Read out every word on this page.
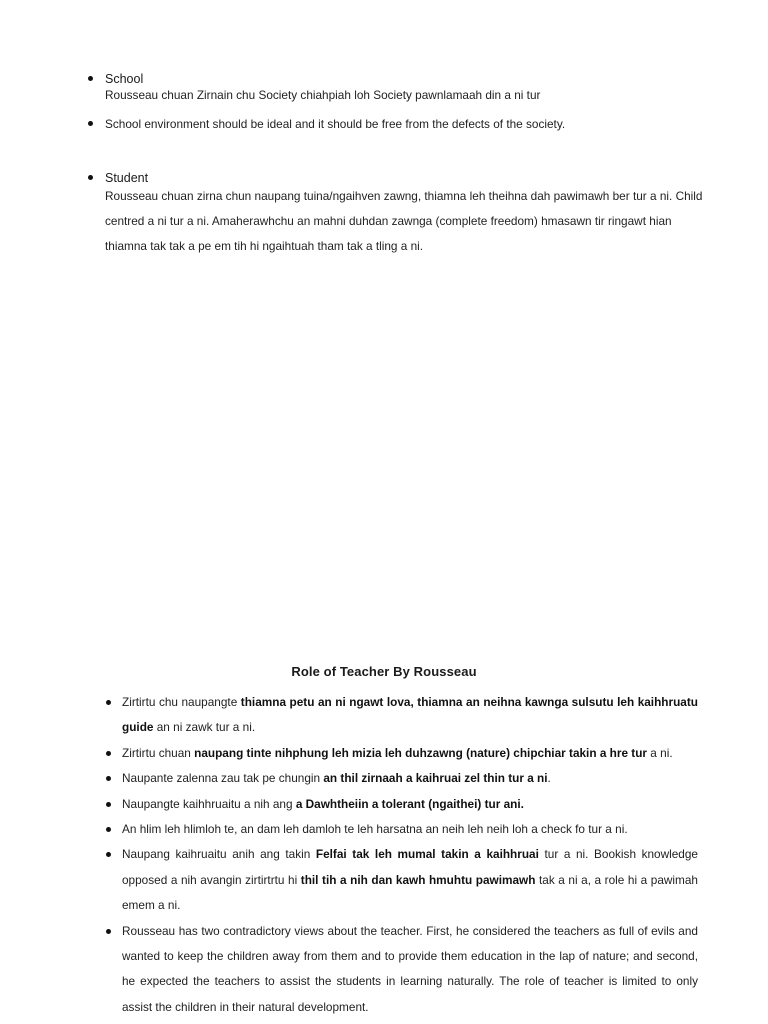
School
Rousseau chuan Zirnain chu Society chiahpiah loh Society pawnlamaah din a ni tur
School environment should be ideal and it should be free from the defects of the society.
Student
Rousseau chuan zirna chun naupang tuina/ngaihven zawng, thiamna leh theihna dah pawimawh ber tur a ni. Child centred a ni tur a ni. Amaherawhchu an mahni duhdan zawnga (complete freedom) hmasawn tir ringawt hian thiamna tak tak a pe em tih hi ngaihtuah tham tak a tling a ni.
Role of Teacher By Rousseau
Zirtirtu chu naupangte thiamna petu an ni ngawt lova, thiamna an neihna kawnga sulsutu leh kaihhruatu guide an ni zawk tur a ni.
Zirtirtu chuan naupang tinte nihphung leh mizia leh duhzawng (nature) chipchiar takin a hre tur a ni.
Naupante zalenna zau tak pe chungin an thil zirnaah a kaihruai zel thin tur a ni.
Naupangte kaihhruaitu a nih ang a Dawhtheiin a tolerant (ngaithei) tur ani.
An hlim leh hlimloh te, an dam leh damloh te leh harsatna an neih leh neih loh a check fo tur a ni.
Naupang kaihruaitu anih ang takin Felfai tak leh mumal takin a kaihhruai tur a ni. Bookish knowledge opposed a nih avangin zirtirtrtu hi thil tih a nih dan kawh hmuhtu pawimawh tak a ni a, a role hi a pawimah emem a ni.
Rousseau has two contradictory views about the teacher. First, he considered the teachers as full of evils and wanted to keep the children away from them and to provide them education in the lap of nature; and second, he expected the teachers to assist the students in learning naturally. The role of teacher is limited to only assist the children in their natural development.
